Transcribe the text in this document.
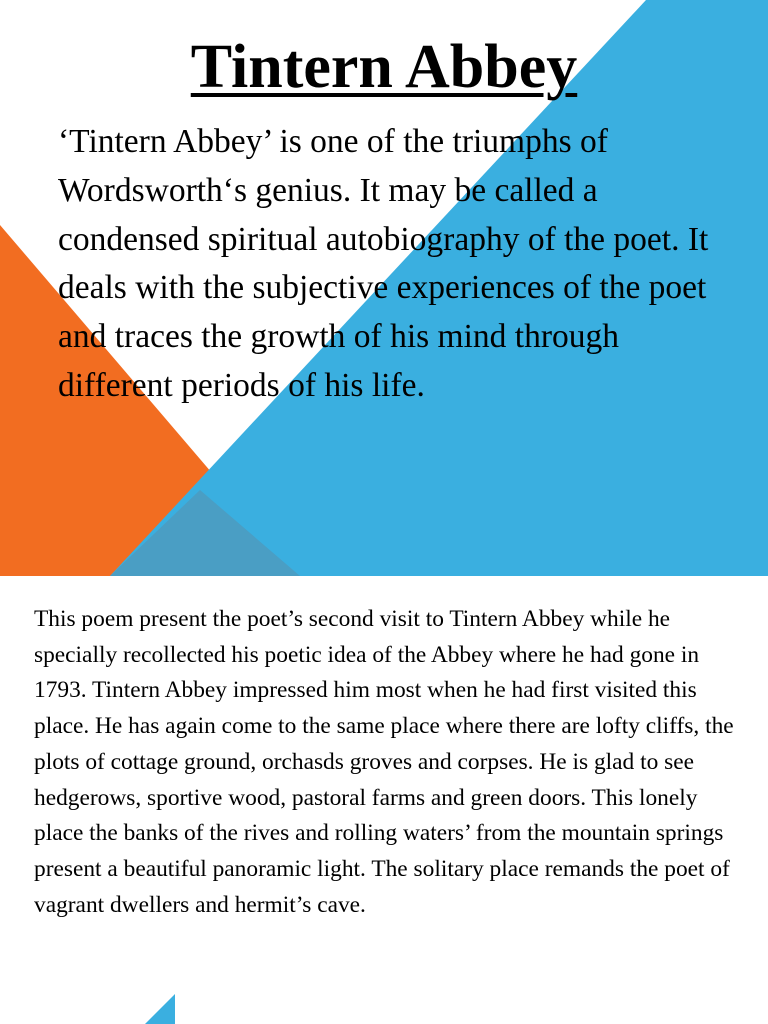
Tintern Abbey

‘Tintern Abbey’ is one of the triumphs of Wordsworth‘s genius. It may be called a condensed spiritual autobiography of the poet. It deals with the subjective experiences of the poet and traces the growth of his mind through different periods of his life.

This poem present the poet’s second visit to Tintern Abbey while he specially recollected his poetic idea of the Abbey where he had gone in 1793. Tintern Abbey impressed him most when he had first visited this place. He has again come to the same place where there are lofty cliffs, the plots of cottage ground, orchasds groves and corpses. He is glad to see hedgerows, sportive wood, pastoral farms and green doors. This lonely place the banks of the rives and rolling waters’ from the mountain springs present a beautiful panoramic light. The solitary place remands the poet of vagrant dwellers and hermit’s cave.
